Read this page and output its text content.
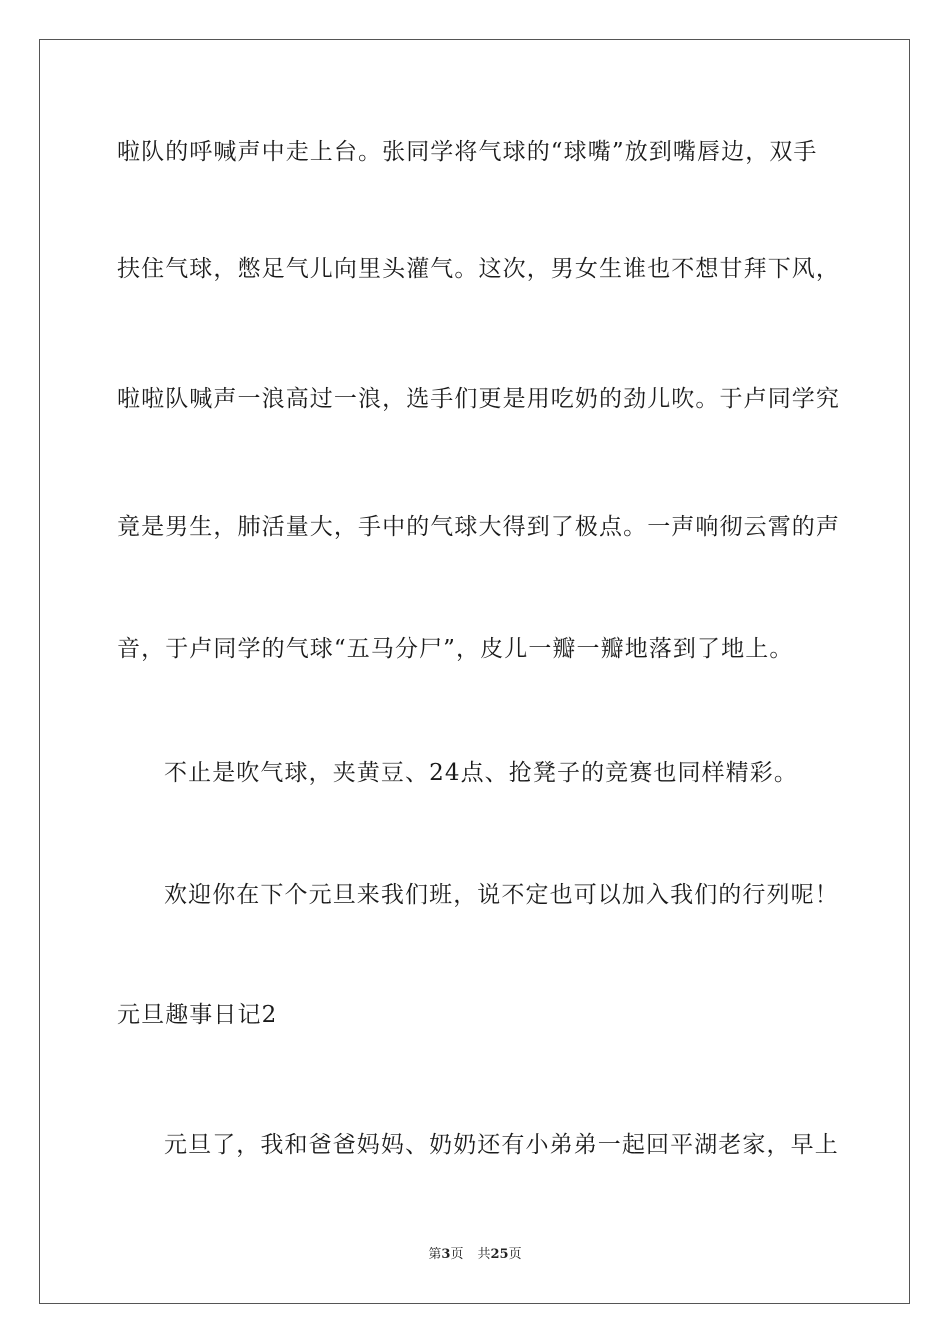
啦队的呼喊声中走上台。张同学将气球的“球嘴”放到嘴唇边，双手
扶住气球，憋足气儿向里头灌气。这次，男女生谁也不想甘拜下风，
啦啦队喊声一浪高过一浪，选手们更是用吃奶的劲儿吹。于卢同学究
竟是男生，肺活量大，手中的气球大得到了极点。一声响彻云霄的声
音，于卢同学的气球“五马分尸”，皮儿一瓣一瓣地落到了地上。
不止是吹气球，夹黄豆、24点、抢凳子的竞赛也同样精彩。
欢迎你在下个元旦来我们班，说不定也可以加入我们的行列呢！
元旦趣事日记2
元旦了，我和爸爸妈妈、奶奶还有小弟弟一起回平湖老家，早上
第3页 共25页
